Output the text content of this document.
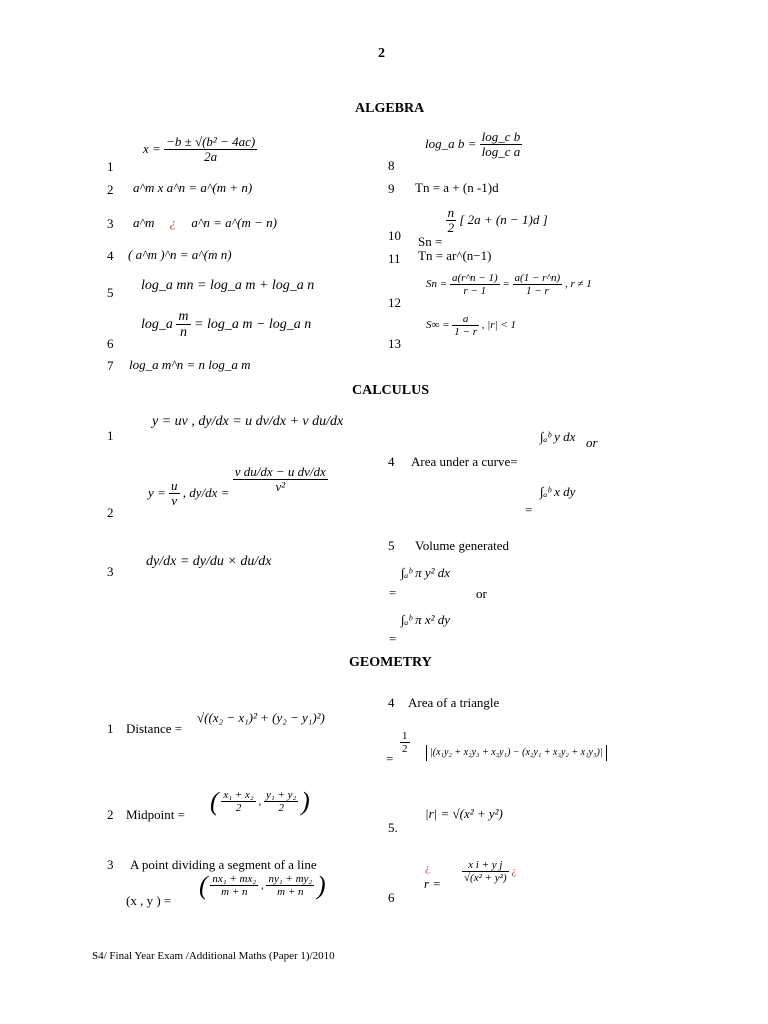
2
ALGEBRA
1
$x = \frac{\text{−b ± √(b² − 4ac)}}{2a}$
2 a^m x a^n = a^(m + n)
3 a^m ¿ a^n = a^(m − n)
4 ( a^m )^n = a^(m n)
5 log_a mn = log_a m + log_a n
6
log_a $\frac{m}{n}$ = log_a m − log_a n
7 log_a m^n = n log_a m
8
log_a $b = \frac{\text{log\_c b}}{\text{log\_c a}}$
9 Tn = a + (n -1)d
10 Sn =
$\frac{n}{2}$ [ 2a + (n − 1)d ]
11 Tn = ar^(n−1)
12
$Sn = \frac{a(r\^{}n - 1)}{r - 1} = \frac{a(1 - r\^{}n)}{1 - r}$ , r ≠ 1
13
$S\infty = \frac{a}{1 - r}$ , |r| < 1
CALCULUS
1
y = uv , dy/dx = u dv/dx + v du/dx
2
$y = \frac{u}{v}$ , $dy/dx = \frac{\text{v du/dx − u dv/dx}}{\text{v²}}$
3
dy/dx = dy/du × du/dx
4 Area under a curve=
∫ₐᵇ y dx or
=
∫ₐᵇ x dy
5 Volume generated
=
∫ₐᵇ π y² dx
or
=
∫ₐᵇ π x² dy
GEOMETRY
1 Distance =
√((x₂ − x₁)² + (y₂ − y₁)²)
2 Midpoint = ( $\frac{\text{x₁ + x₂}}{2}$ , $\frac{\text{y₁ + y₂}}{2}$ )
3 A point dividing a segment of a line
(x , y ) =
( $\frac{\text{nx₁ + mx₂}}{m + n}$ , $\frac{\text{ny₁ + my₂}}{m + n}$ )
4 Area of a triangle
=
$\frac{1}{2}$	|(x₁y₂ + x₂y₃ + x₃y₁) − (x₂y₁ + x₃y₂ + x₁y₃)|
5.
|r| = √(x² + y²)
6
¿
$r = \frac{\text{x i + y j}}{\text{√(x² + y²)}}$ ¿
S4/ Final Year Exam /Additional Maths (Paper 1)/2010
